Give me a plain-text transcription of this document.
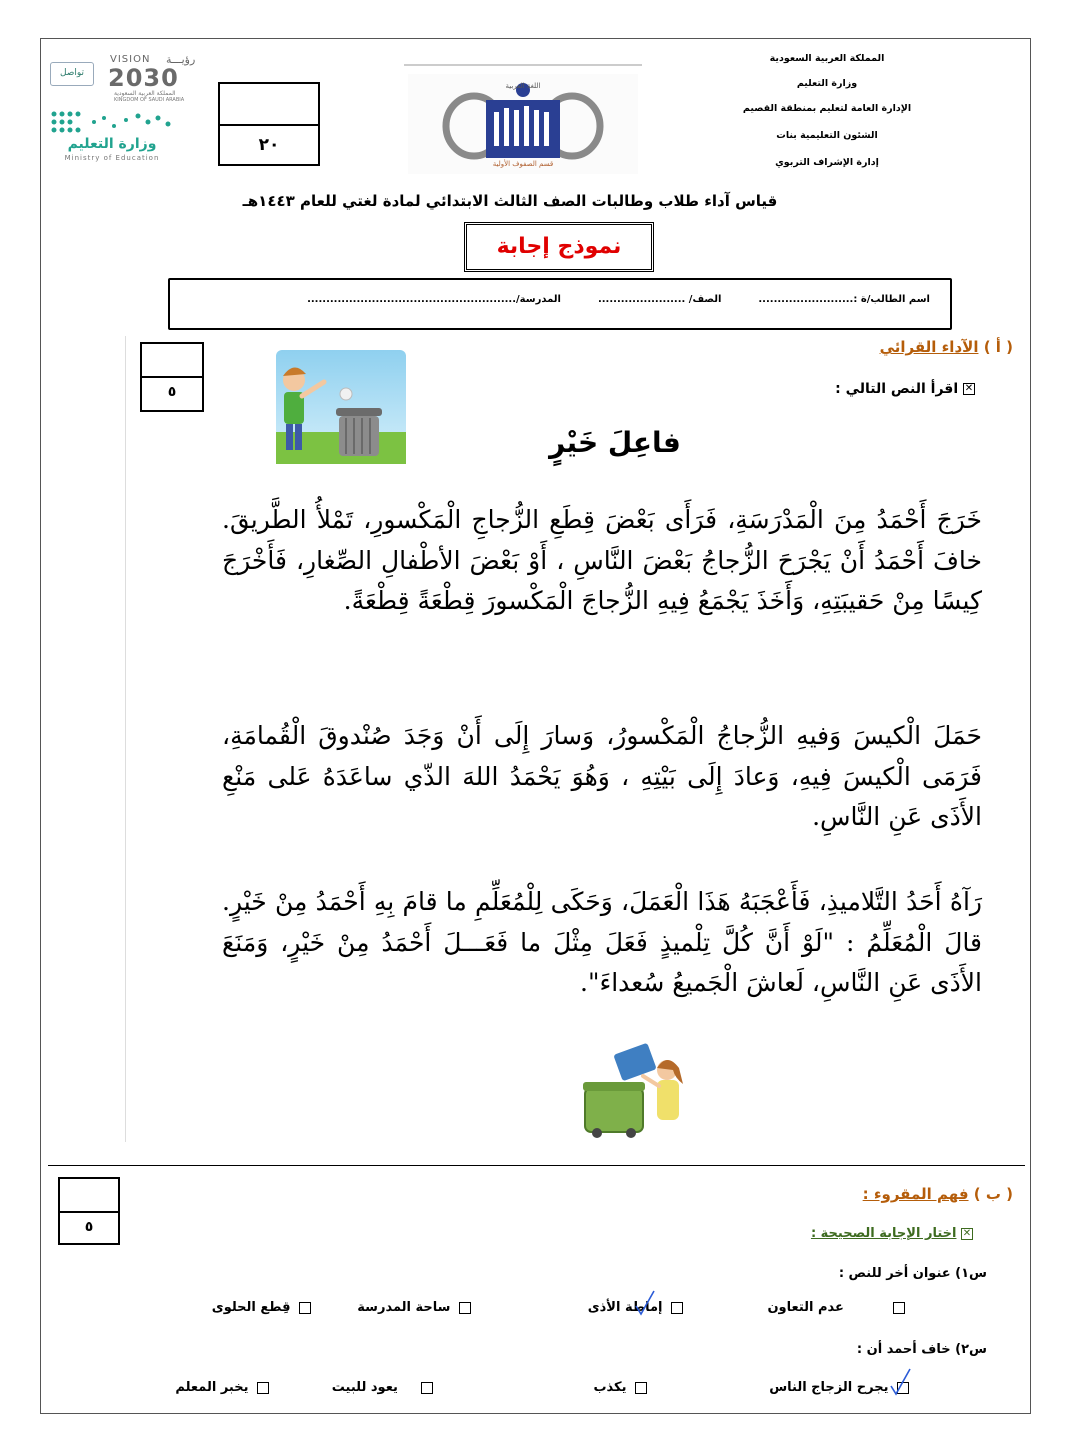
المملكة العربية السعودية
وزارة التعليم
الإدارة العامة لتعليم بمنطقة القصيم
الشئون التعليمية بنات
إدارة الإشراف التربوي
اللغة العربية
قسم الصفوف الأولية
٢٠
تواصل
VISION رؤيـــة
2030
المملكة العربية السعودية
KINGDOM OF SAUDI ARABIA
وزارة التعليم
Ministry of Education
قياس آداء طلاب وطالبات الصف الثالث الابتدائي لمادة لغتي للعام ١٤٤٣هـ
نموذج إجابة
اسم الطالب/ة :.........................  الصف/ .......................  المدرسة/.......................................................
( أ ) الآداء القرائي
✕ اقرأ النص التالي :
٥
فاعِلَ خَيْرٍ
خَرَجَ أَحْمَدُ مِنَ الْمَدْرَسَةِ، فَرَأَى بَعْضَ قِطَعِ الزُّجاجِ الْمَكْسورِ، تَمْلأُ الطَّريقَ. خافَ أَحْمَدُ أَنْ يَجْرَحَ الزُّجاجُ بَعْضَ النَّاسِ ، أَوْ بَعْضَ الأطْفالِ الصِّغارِ، فَأَخْرَجَ كِيسًا مِنْ حَقيبَتِهِ، وَأَخَذَ يَجْمَعُ فِيهِ الزُّجاجَ الْمَكْسورَ قِطْعَةً قِطْعَةً.
حَمَلَ الْكيسَ وَفيهِ الزُّجاجُ الْمَكْسورُ، وَسارَ إِلَى أَنْ وَجَدَ صُنْدوقَ الْقُمامَةِ، فَرَمَى الْكيسَ فِيهِ، وَعادَ إِلَى بَيْتِهِ ، وَهُوَ يَحْمَدُ اللهَ الذّي ساعَدَهُ عَلى مَنْعِ الأَذَى عَنِ النَّاسِ.
رَآهُ أَحَدُ التَّلاميذِ، فَأَعْجَبَهُ هَذَا الْعَمَلَ، وَحَكَى لِلْمُعَلِّمِ ما قامَ بِهِ أَحْمَدُ مِنْ خَيْرٍ. قالَ الْمُعَلِّمُ : "لَوْ أَنَّ كُلَّ تِلْميذٍ فَعَلَ مِثْلَ ما فَعَـــلَ أَحْمَدُ مِنْ خَيْرٍ، وَمَنَعَ الأَذَى عَنِ النَّاسِ، لَعاشَ الْجَميعُ سُعداءَ".
( ب ) فهم المقروء :
٥	✕ اختار الإجابة الصحيحة :
س١) عنوان أخر للنص :
عدم التعاون
إماطة الأذى
ساحة المدرسة
قِطع الحلوى
س٢) خاف أحمد أن :
يجرح الزجاج الناس
يكذب
يعود للبيت
يخبر المعلم
